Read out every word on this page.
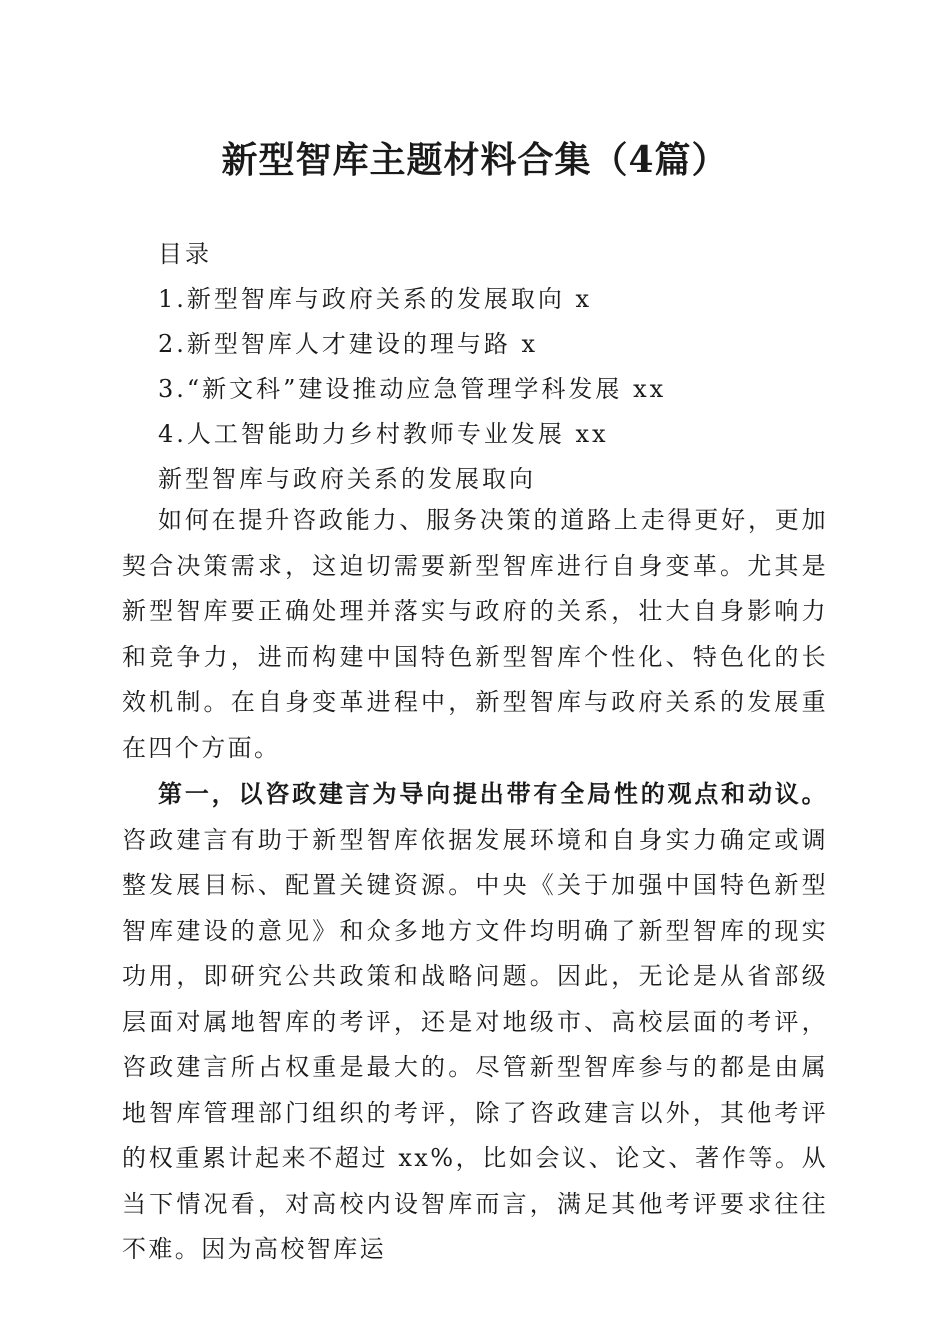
新型智库主题材料合集（4篇）
目录
1.新型智库与政府关系的发展取向 x
2.新型智库人才建设的理与路 x
3.“新文科”建设推动应急管理学科发展 xx
4.人工智能助力乡村教师专业发展 xx
新型智库与政府关系的发展取向

如何在提升咨政能力、服务决策的道路上走得更好，更加契合决策需求，这迫切需要新型智库进行自身变革。尤其是新型智库要正确处理并落实与政府的关系，壮大自身影响力和竞争力，进而构建中国特色新型智库个性化、特色化的长效机制。在自身变革进程中，新型智库与政府关系的发展重在四个方面。

第一，以咨政建言为导向提出带有全局性的观点和动议。咨政建言有助于新型智库依据发展环境和自身实力确定或调整发展目标、配置关键资源。中央《关于加强中国特色新型智库建设的意见》和众多地方文件均明确了新型智库的现实功用，即研究公共政策和战略问题。因此，无论是从省部级层面对属地智库的考评，还是对地级市、高校层面的考评，咨政建言所占权重是最大的。尽管新型智库参与的都是由属地智库管理部门组织的考评，除了咨政建言以外，其他考评的权重累计起来不超过 xx%，比如会议、论文、著作等。从当下情况看，对高校内设智库而言，满足其他考评要求往往不难。因为高校智库运
